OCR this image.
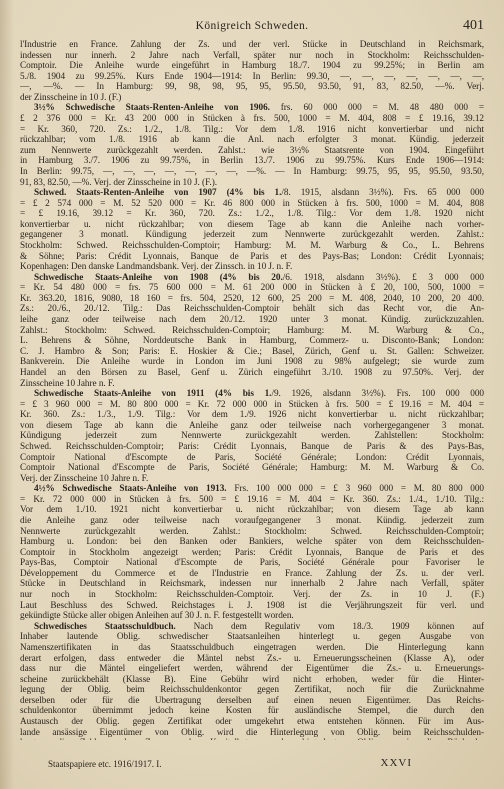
Königreich Schweden.	401
l'Industrie en France. Zahlung der Zs. und der verl. Stücke in Deutschland in Reichsmark,
indessen nur innerh. 2 Jahre nach Verfall, später nur noch in Stockholm: Reichsschulden-
Comptoir. Die Anleihe wurde eingeführt in Hamburg 18./7. 1904 zu 99.25%; in Berlin am
5./8. 1904 zu 99.25%. Kurs Ende 1904—1914: In Berlin: 99.30, —, —, —, —, —, —, —,
—, —%. — In Hamburg: 99, 98, 98, 95, 95, 95.50, 93.50, 91, 83, 82.50, —%. Verj.
der Zinsscheine in 10 J. (F.)
3½% Schwedische Staats-Renten-Anleihe von 1906. frs. 60 000 000 = M. 48 480 000 =
£ 2 376 000 = Kr. 43 200 000 in Stücken à frs. 500, 1000 = M. 404, 808 = £ 19.16, 39.12
= Kr. 360, 720. Zs.: 1./2., 1./8. Tilg.: Vor dem 1./8. 1916 nicht konvertierbar und nicht
rückzahlbar; vom 1./8. 1916 ab kann die Anl. nach erfolgter 3 monat. Kündig. jederzeit
zum Nennwerte zurückgezahlt werden. Zahlst.: wie 3½% Staatsrente von 1904. Eingeführt
in Hamburg 3./7. 1906 zu 99.75%, in Berlin 13./7. 1906 zu 99.75%. Kurs Ende 1906—1914:
In Berlin: 99.75, —, —, —, —, —, —, —, —%. — In Hamburg: 99.75, 95, 95, 95.50, 93.50,
91, 83, 82.50, —%. Verj. der Zinsscheine in 10 J. (F.).
Schwed. Staats-Renten-Anleihe von 1907 (4% bis 1./8. 1915, alsdann 3½%). Frs. 65 000 000
= £ 2 574 000 = M. 52 520 000 = Kr. 46 800 000 in Stücken à frs. 500, 1000 = M. 404, 808
= £ 19.16, 39.12 = Kr. 360, 720. Zs.: 1./2., 1./8. Tilg.: Vor dem 1./8. 1920 nicht
konvertierbar u. nicht rückzahlbar; von diesem Tage ab kann die Anleihe nach vorher-
gegangener 3 monatl. Kündigung jederzeit zum Nennwerte zurückgezahlt werden. Zahlst.:
Stockholm: Schwed. Reichsschulden-Comptoir; Hamburg: M. M. Warburg & Co., L. Behrens
& Söhne; Paris: Crédit Lyonnais, Banque de Paris et des Pays-Bas; London: Crédit Lyonnais;
Kopenhagen: Den danske Landmandsbank. Verj. der Zinssch. in 10 J. n. F.
Schwedische Staats-Anleihe von 1908 (4% bis 20./6. 1918, alsdann 3½%). £ 3 000 000
= Kr. 54 480 000 = frs. 75 600 000 = M. 61 200 000 in Stücken à £ 20, 100, 500, 1000 =
Kr. 363.20, 1816, 9080, 18 160 = frs. 504, 2520, 12 600, 25 200 = M. 408, 2040, 10 200, 20 400.
Zs.: 20./6., 20./12. Tilg.: Das Reichsschulden-Comptoir behält sich das Recht vor, die An-
leihe ganz oder teilweise nach dem 20./12. 1920 unter 3 monat. Kündig. zurückzuzahlen.
Zahlst.: Stockholm: Schwed. Reichsschulden-Comptoir; Hamburg: M. M. Warburg & Co.,
L. Behrens & Söhne, Norddeutsche Bank in Hamburg, Commerz- u. Disconto-Bank; London:
C. J. Hambro & Son; Paris: E. Hoskier & Cie.; Basel, Zürich, Genf u. St. Gallen: Schweizer.
Bankverein. Die Anleihe wurde in London im Juni 1908 zu 98% aufgelegt; sie wurde zum
Handel an den Börsen zu Basel, Genf u. Zürich eingeführt 3./10. 1908 zu 97.50%. Verj. der
Zinsscheine 10 Jahre n. F.
Schwedische Staats-Anleihe von 1911 (4% bis 1./9. 1926, alsdann 3½%). Frs. 100 000 000
= £ 3 960 000 = M. 80 800 000 = Kr. 72 000 000 in Stücken à frs. 500 = £ 19.16 = M. 404 =
Kr. 360. Zs.: 1./3., 1./9. Tilg.: Vor dem 1./9. 1926 nicht konvertierbar u. nicht rückzahlbar;
von diesem Tage ab kann die Anleihe ganz oder teilweise nach vorhergegangener 3 monat.
Kündigung jederzeit zum Nennwerte zurückgezahlt werden. Zahlstellen: Stockholm:
Schwed. Reichsschulden-Comptoir; Paris: Crédit Lyonnais, Banque de Paris & des Pays-Bas,
Comptoir National d'Escompte de Paris, Société Générale; London: Crédit Lyonnais,
Comptoir National d'Escompte de Paris, Société Générale; Hamburg: M. M. Warburg & Co.
Verj. der Zinsscheine 10 Jahre n. F.
4½% Schwedische Staats-Anleihe von 1913. Frs. 100 000 000 = £ 3 960 000 = M. 80 800 000
= Kr. 72 000 000 in Stücken à frs. 500 = £ 19.16 = M. 404 = Kr. 360. Zs.: 1./4., 1./10. Tilg.:
Vor dem 1./10. 1921 nicht konvertierbar u. nicht rückzahlbar; von diesem Tage ab kann
die Anleihe ganz oder teilweise nach voraufgegangener 3 monat. Kündig. jederzeit zum
Nennwerte zurückgezahlt werden. Zahlst.: Stockholm: Schwed. Reichsschulden-Comptoir;
Hamburg u. London: bei den Banken oder Bankiers, welche später von dem Reichsschulden-
Comptoir in Stockholm angezeigt werden; Paris: Crédit Lyonnais, Banque de Paris et des
Pays-Bas, Comptoir National d'Escompte de Paris, Société Générale pour Favoriser le
Développement du Commerce et de l'Industrie en France. Zahlung der Zs. u. der verl.
Stücke in Deutschland in Reichsmark, indessen nur innerhalb 2 Jahre nach Verfall, später
nur noch in Stockholm: Reichsschulden-Comptoir. Verj. der Zs. in 10 J. (F.)
Laut Beschluss des Schwed. Reichstages i. J. 1908 ist die Verjährungszeit für verl. und
gekündigte Stücke aller obigen Anleihen auf 30 J. n. F. festgestellt worden.
Schwedisches Staatsschuldbuch. Nach dem Regulativ vom 18./3. 1909 können auf
Inhaber lautende Oblig. schwedischer Staatsanleihen hinterlegt u. gegen Ausgabe von
Namenszertifikaten in das Staatsschuldbuch eingetragen werden. Die Hinterlegung kann
derart erfolgen, dass entweder die Mäntel nebst Zs.- u. Erneuerungsscheinen (Klasse A), oder
dass nur die Mäntel eingeliefert werden, während der Eigentümer die Zs.- u. Erneuerungs-
scheine zurückbehält (Klasse B). Eine Gebühr wird nicht erhoben, weder für die Hinter-
legung der Oblig. beim Reichsschuldenkontor gegen Zertifikat, noch für die Zurücknahme
derselben oder für die Übertragung derselben auf einen neuen Eigentümer. Das Reichs-
schuldenkontor übernimmt jedoch keine Kosten für ausländische Stempel, die durch den
Austausch der Oblig. gegen Zertifikat oder umgekehrt etwa entstehen können. Für im Aus-
lande ansässige Eigentümer von Oblig. wird die Hinterlegung von Oblig. beim Reichsschulden-
Staatspapiere etc. 1916/1917. I.	XXVI
